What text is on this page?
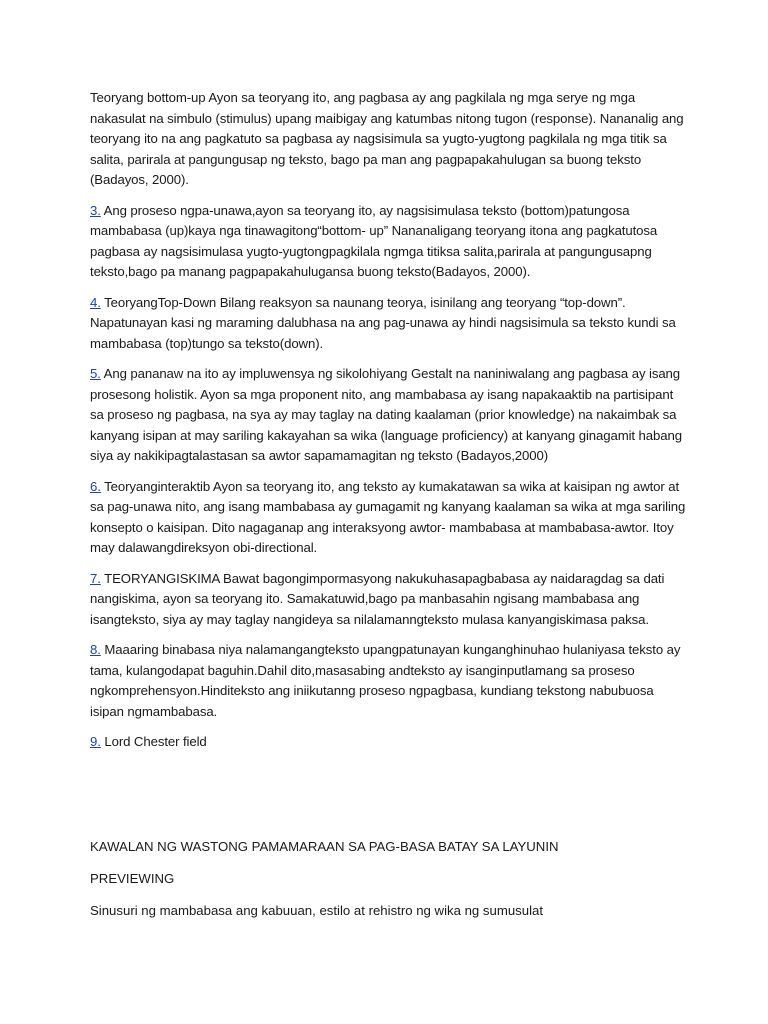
Teoryang bottom-up Ayon sa teoryang ito, ang pagbasa ay ang pagkilala ng mga serye ng mga nakasulat na simbulo (stimulus) upang maibigay ang katumbas nitong tugon (response). Nananalig ang teoryang ito na ang pagkatuto sa pagbasa ay nagsisimula sa yugto-yugtong pagkilala ng mga titik sa salita, parirala at pangungusap ng teksto, bago pa man ang pagpapakahulugan sa buong teksto (Badayos, 2000).

3. Ang proseso ngpa-unawa,ayon sa teoryang ito, ay nagsisimulasa teksto (bottom)patungosa mambabasa (up)kaya nga tinawagitong“bottom- up” Nananaligang teoryang itona ang pagkatutosa pagbasa ay nagsisimulasa yugto-yugtongpagkilala ngmga titiksa salita,parirala at pangungusapng teksto,bago pa manang pagpapakahulugansa buong teksto(Badayos, 2000).

4. TeoryangTop-Down Bilang reaksyon sa naunang teorya, isinilang ang teoryang “top-down”. Napatunayan kasi ng maraming dalubhasa na ang pag-unawa ay hindi nagsisimula sa teksto kundi sa mambabasa (top)tungo sa teksto(down).

5. Ang pananaw na ito ay impluwensya ng sikolohiyang Gestalt na naniniwalang ang pagbasa ay isang prosesong holistik. Ayon sa mga proponent nito, ang mambabasa ay isang napakaaktib na partisipant sa proseso ng pagbasa, na sya ay may taglay na dating kaalaman (prior knowledge) na nakaimbak sa kanyang isipan at may sariling kakayahan sa wika (language proficiency) at kanyang ginagamit habang siya ay nakikipagtalastasan sa awtor sapamamagitan ng teksto (Badayos,2000)

6. Teoryanginteraktib Ayon sa teoryang ito, ang teksto ay kumakatawan sa wika at kaisipan ng awtor at sa pag-unawa nito, ang isang mambabasa ay gumagamit ng kanyang kaalaman sa wika at mga sariling konsepto o kaisipan. Dito nagaganap ang interaksyong awtor- mambabasa at mambabasa-awtor. Itoy may dalawangdireksyon obi-directional.

7. TEORYANGISKIMA Bawat bagongimpormasyong nakukuhasapagbabasa ay naidaragdag sa dati nangiskima, ayon sa teoryang ito. Samakatuwid,bago pa manbasahin ngisang mambabasa ang isangteksto, siya ay may taglay nangideya sa nilalamanngteksto mulasa kanyangiskimasa paksa.

8. Maaaring binabasa niya nalamangangteksto upangpatunayan kunganghinuhao hulaniyasa teksto ay tama, kulangodapat baguhin.Dahil dito,masasabing andteksto ay isanginputlamang sa proseso ngkomprehensyon.Hinditeksto ang iniikutanng proseso ngpagbasa, kundiang tekstong nabubuosa isipan ngmambabasa.

9. Lord Chester field

KAWALAN NG WASTONG PAMAMARAAN SA PAG-BASA BATAY SA LAYUNIN

PREVIEWING

Sinusuri ng mambabasa ang kabuuan, estilo at rehistro ng wika ng sumusulat
